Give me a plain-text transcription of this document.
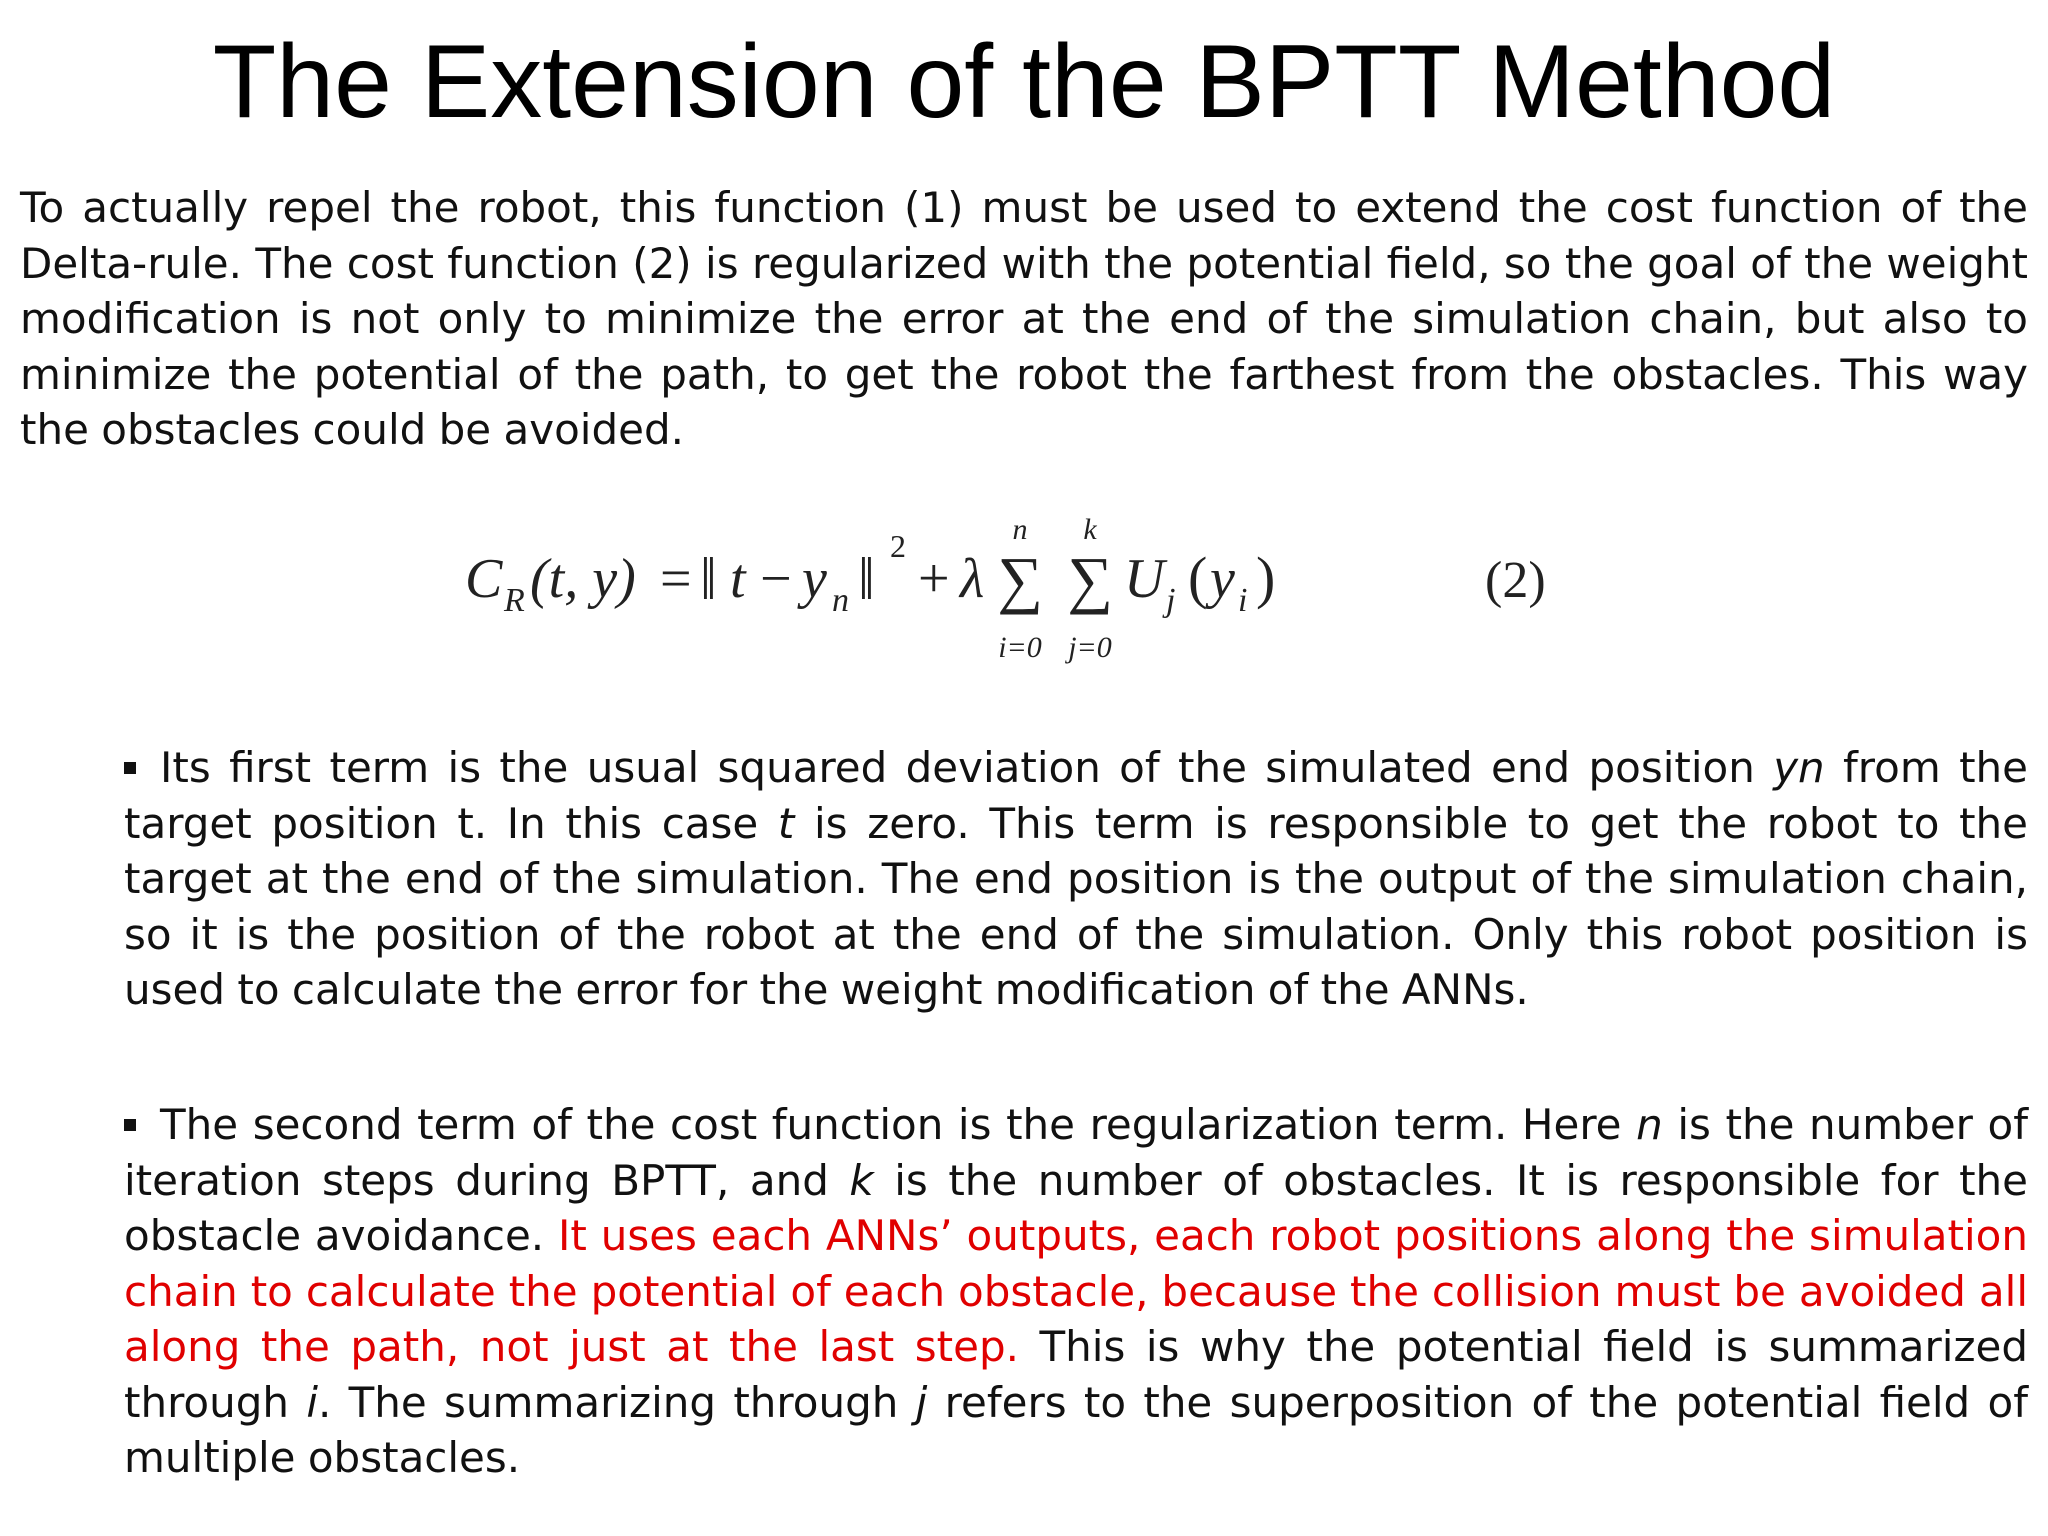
The Extension of the BPTT Method

To actually repel the robot, this function (1) must be used to extend the cost function of the Delta-rule. The cost function (2) is regularized with the potential field, so the goal of the weight modification is not only to minimize the error at the end of the simulation chain, but also to minimize the potential of the path, to get the robot the farthest from the obstacles. This way the obstacles could be avoided.

C R (t, y) = ‖ t − y n ‖ 2
+ λ
n
∑
i=0
k
∑
j=0
U j ( y i )	(2)

Its first term is the usual squared deviation of the simulated end position yn from the target position t. In this case t is zero. This term is responsible to get the robot to the target at the end of the simulation. The end position is the output of the simulation chain, so it is the position of the robot at the end of the simulation. Only this robot position is used to calculate the error for the weight modification of the ANNs.

The second term of the cost function is the regularization term. Here n is the number of iteration steps during BPTT, and k is the number of obstacles. It is responsible for the obstacle avoidance. It uses each ANNs’ outputs, each robot positions along the simulation chain to calculate the potential of each obstacle, because the collision must be avoided all along the path, not just at the last step. This is why the potential field is summarized through i. The summarizing through j refers to the superposition of the potential field of multiple obstacles.
